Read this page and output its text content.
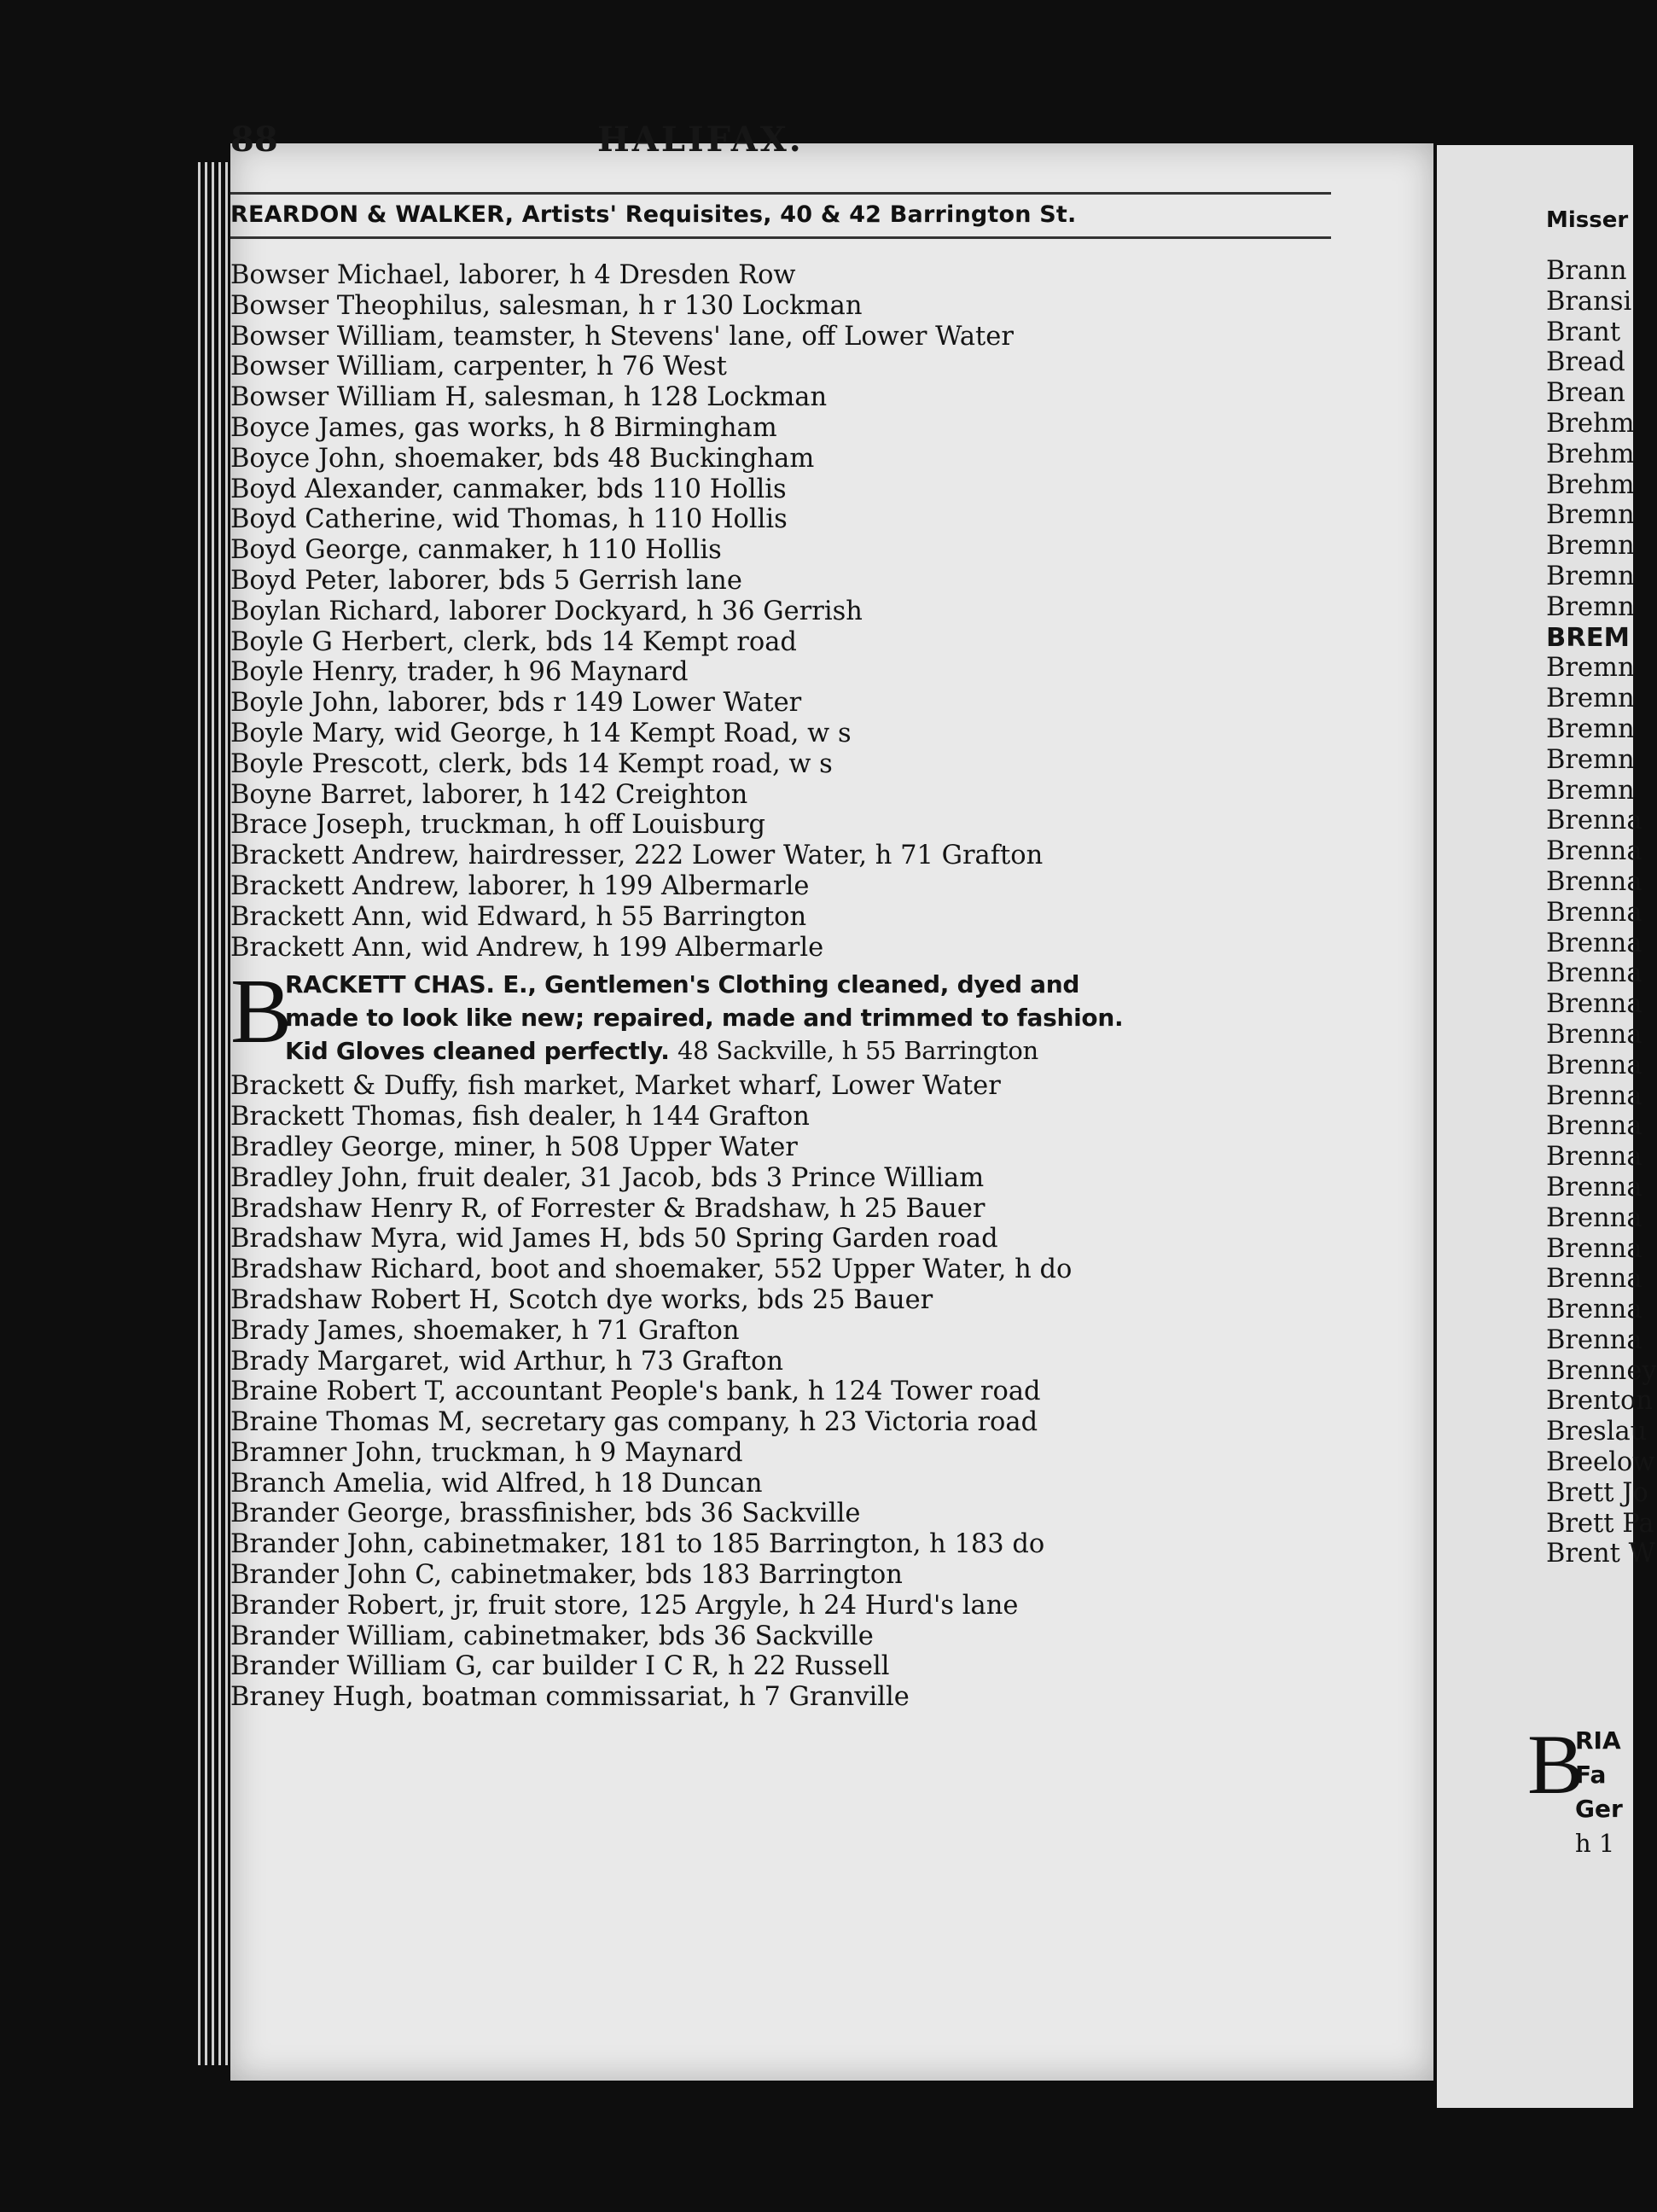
88	HALIFAX.
REARDON & WALKER, Artists' Requisites, 40 & 42 Barrington St.
Bowser Michael, laborer, h 4 Dresden Row
Bowser Theophilus, salesman, h r 130 Lockman
Bowser William, teamster, h Stevens' lane, off Lower Water
Bowser William, carpenter, h 76 West
Bowser William H, salesman, h 128 Lockman
Boyce James, gas works, h 8 Birmingham
Boyce John, shoemaker, bds 48 Buckingham
Boyd Alexander, canmaker, bds 110 Hollis
Boyd Catherine, wid Thomas, h 110 Hollis
Boyd George, canmaker, h 110 Hollis
Boyd Peter, laborer, bds 5 Gerrish lane
Boylan Richard, laborer Dockyard, h 36 Gerrish
Boyle G Herbert, clerk, bds 14 Kempt road
Boyle Henry, trader, h 96 Maynard
Boyle John, laborer, bds r 149 Lower Water
Boyle Mary, wid George, h 14 Kempt Road, w s
Boyle Prescott, clerk, bds 14 Kempt road, w s
Boyne Barret, laborer, h 142 Creighton
Brace Joseph, truckman, h off Louisburg
Brackett Andrew, hairdresser, 222 Lower Water, h 71 Grafton
Brackett Andrew, laborer, h 199 Albermarle
Brackett Ann, wid Edward, h 55 Barrington
Brackett Ann, wid Andrew, h 199 Albermarle
B
RACKETT CHAS. E., Gentlemen's Clothing cleaned, dyed and
made to look like new; repaired, made and trimmed to fashion.
Kid Gloves cleaned perfectly. 48 Sackville, h 55 Barrington
Brackett & Duffy, fish market, Market wharf, Lower Water
Brackett Thomas, fish dealer, h 144 Grafton
Bradley George, miner, h 508 Upper Water
Bradley John, fruit dealer, 31 Jacob, bds 3 Prince William
Bradshaw Henry R, of Forrester & Bradshaw, h 25 Bauer
Bradshaw Myra, wid James H, bds 50 Spring Garden road
Bradshaw Richard, boot and shoemaker, 552 Upper Water, h do
Bradshaw Robert H, Scotch dye works, bds 25 Bauer
Brady James, shoemaker, h 71 Grafton
Brady Margaret, wid Arthur, h 73 Grafton
Braine Robert T, accountant People's bank, h 124 Tower road
Braine Thomas M, secretary gas company, h 23 Victoria road
Bramner John, truckman, h 9 Maynard
Branch Amelia, wid Alfred, h 18 Duncan
Brander George, brassfinisher, bds 36 Sackville
Brander John, cabinetmaker, 181 to 185 Barrington, h 183 do
Brander John C, cabinetmaker, bds 183 Barrington
Brander Robert, jr, fruit store, 125 Argyle, h 24 Hurd's lane
Brander William, cabinetmaker, bds 36 Sackville
Brander William G, car builder I C R, h 22 Russell
Braney Hugh, boatman commissariat, h 7 Granville
Misser
Brann
Bransi
Brant
Bread
Brean
Brehm
Brehm
Brehm
Bremn
Bremn
Bremn
Bremn
BREM
Bremn
Bremn
Bremn
Bremn
Bremn
Brenna
Brenna
Brenna
Brenna
Brenna
Brenna
Brenna
Brenna
Brenna
Brenna
Brenna
Brenna
Brenna
Brenna
Brenna
Brenna
Brenna
Brenna
Brenney
Brenton
Breslau
Breelow
Brett Jo
Brett Pa
Brent W
B
RIA
Fa
Ger
h 1
